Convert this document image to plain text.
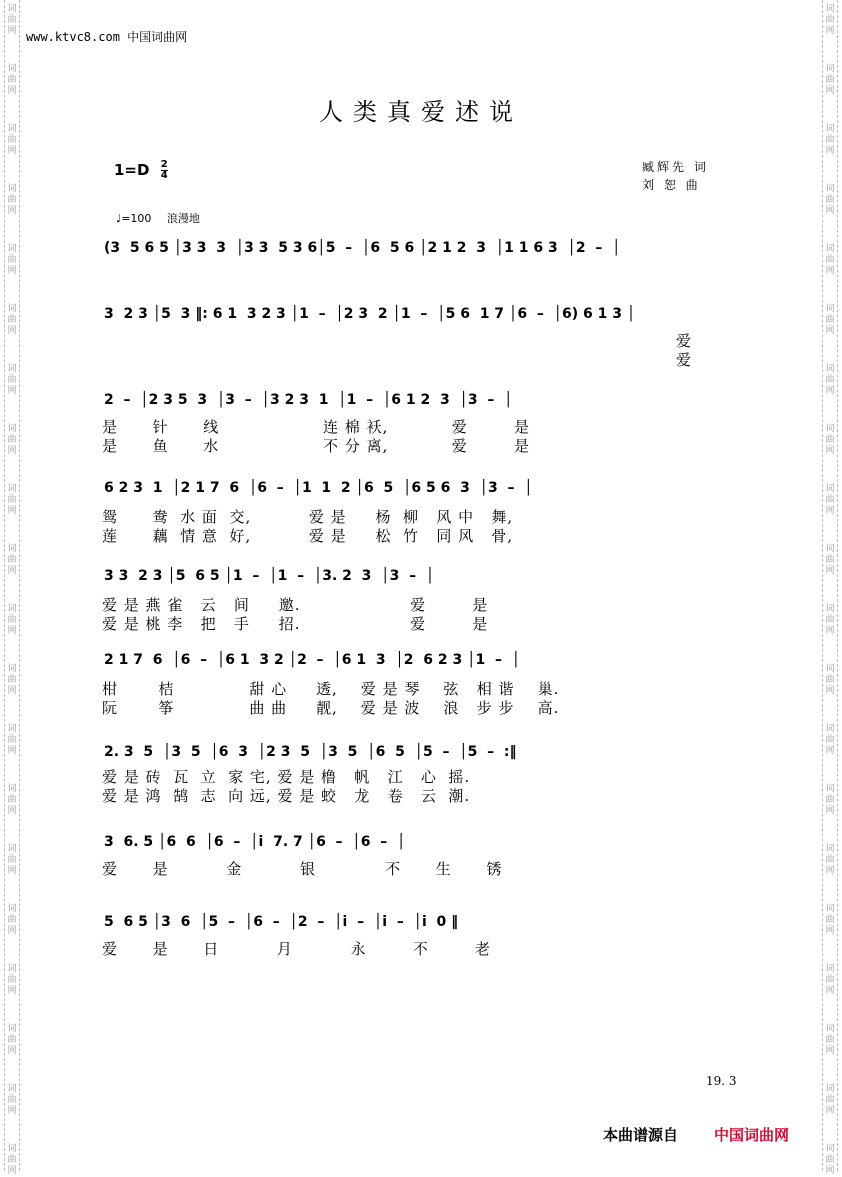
词
曲
网
词
曲
网
词
曲
网
词
曲
网
词
曲
网
词
曲
网
词
曲
网
词
曲
网
词
曲
网
词
曲
网
词
曲
网
词
曲
网
词
曲
网
词
曲
网
词
曲
网
词
曲
网
词
曲
网
词
曲
网
词
曲
网
词
曲
网
词
曲
网
词
曲
网
词
曲
网
词
曲
网
词
曲
网
词
曲
网
词
曲
网
词
曲
网
词
曲
网
词
曲
网
词
曲
网
词
曲
网
词
曲
网
词
曲
网
词
曲
网
词
曲
网
词
曲
网
词
曲
网
词
曲
网
词
曲
网
www.ktvc8.com 中国词曲网
人类真爱述说
$1=D \frac{2}{4}$	臧辉先 词
刘 恕 曲
♩=100 浪漫地
(3  5 6 5 │3 3  3  │3 3  5 3 6│5  –  │6  5 6 │2 1 2  3  │1 1 6 3  │2  –  │
3  2 3 │5  3 ‖: 6 1  3 2 3 │1  –  │2 3  2 │1  –  │5 6  1 7 │6  –  │6) 6 1 3 │
爱
爱
2  –  │2 3 5  3  │3  –  │3 2 3  1  │1  –  │6 1 2  3  │3  –  │
是      针      线                  连 棉 袄,           爱        是
是      鱼      水                  不 分 离,           爱        是
6 2 3  1  │2 1 7  6  │6  –  │1  1  2 │6  5  │6 5 6  3  │3  –  │
鸳      鸯  水 面  交,          爱 是     杨  柳   风 中   舞,
莲      藕  情 意  好,          爱 是     松  竹   同 风   骨,
3 3  2 3 │5  6 5 │1  –  │1  –  │3. 2  3  │3  –  │
爱 是 燕 雀   云   间     邀.                   爱        是
爱 是 桃 李   把   手     招.                   爱        是
2 1 7  6  │6  –  │6 1  3 2 │2  –  │6 1  3  │2  6 2 3 │1  –  │
柑       桔             甜 心     透,    爱 是 琴    弦   相 谐    巢.
阮       筝             曲 曲     靓,    爱 是 波    浪   步 步    高.
2. 3  5  │3  5  │6  3  │2 3  5  │3  5  │6  5  │5  –  │5  –  :‖
爱 是 砖  瓦  立  家 宅, 爱 是 橹   帆   江   心  摇.
爱 是 鸿  鹄  志  向 远, 爱 是 蛟   龙   卷   云  潮.
3  6. 5 │6  6  │6  –  │i  7. 7 │6  –  │6  –  │
爱      是          金          银            不      生      锈
5  6 5 │3  6  │5  –  │6  –  │2  –  │i  –  │i  –  │i  0 ‖
爱      是      日          月          永        不        老
19. 3
本曲谱源自 中国词曲网
